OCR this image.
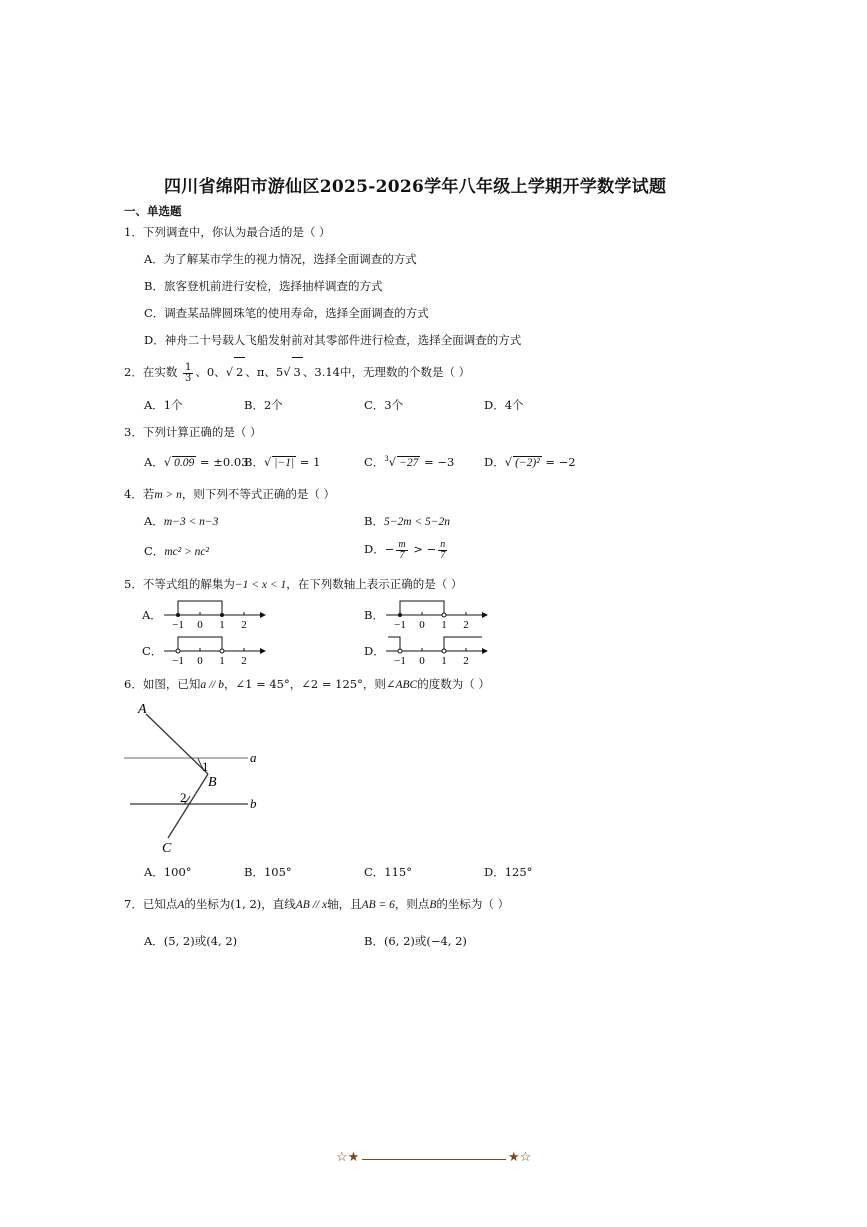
四川省绵阳市游仙区2025-2026学年八年级上学期开学数学试题
一、单选题
1．下列调查中，你认为最合适的是（ ）
A．为了解某市学生的视力情况，选择全面调查的方式
B．旅客登机前进行安检，选择抽样调查的方式
C．调查某品牌圆珠笔的使用寿命，选择全面调查的方式
D．神舟二十号载人飞船发射前对其零部件进行检查，选择全面调查的方式
2．在实数 $\frac{1}{3}$ 、0、√ 2 、π、5√ 3 、3.14中，无理数的个数是（ ）
A．1个	B．2个	C．3个	D．4个
3．下列计算正确的是（ ）
A．√ 0.09 = ±0.03
B．√ |−1| = 1	C．$^3$√ −27 = −3	D．√ (−2)² = −2
4．若m > n，则下列不等式正确的是（ ）
A．m−3 < n−3	B．5−2m < 5−2n
C．mc² > nc²	D．− $\frac{m}{7}$ > − $\frac{n}{7}$
5．不等式组的解集为−1 < x < 1，在下列数轴上表示正确的是（ ）
A．	B．
C．	D．
−1 0 1 2	−1 0 1 2
−1 0 1 2	−1 0 1 2
6．如图，已知a // b，∠1 = 45°，∠2 = 125°，则∠ABC的度数为（ ）
A
B
C
a
b
1
2
A．100°	B．105°	C．115°	D．125°
7．已知点A的坐标为(1, 2)，直线AB // x轴，且AB = 6，则点B的坐标为（ ）
A．(5, 2)或(4, 2)	B．(6, 2)或(−4, 2)
☆★	★☆
